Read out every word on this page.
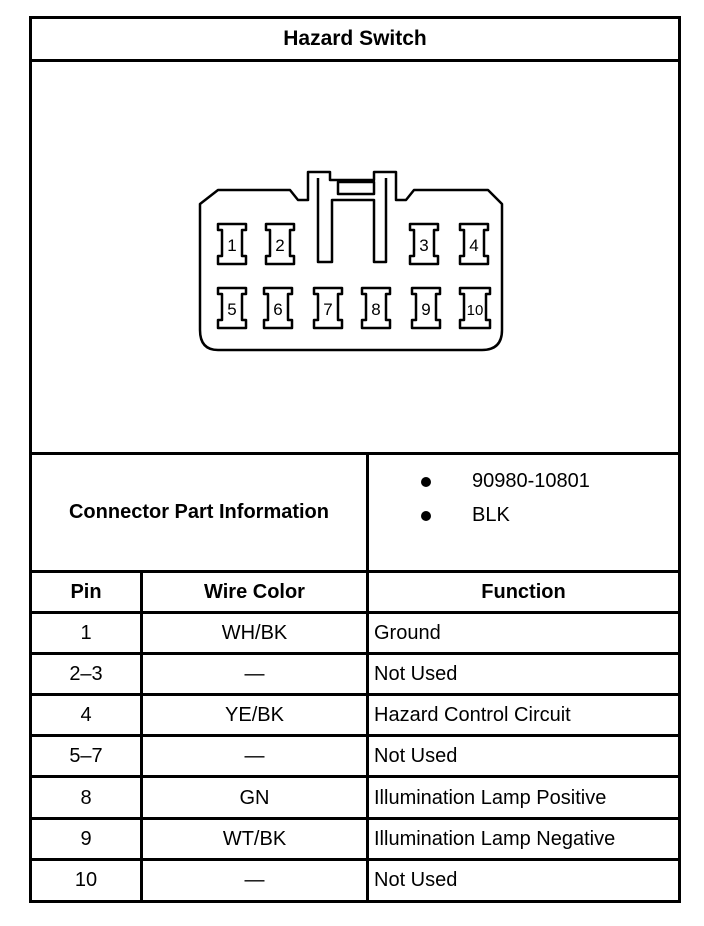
Hazard Switch
1 2	3 4
5 6 7 8 9 10
Connector Part Information
90980-10801
BLK
Pin	Wire Color	Function
1	WH/BK	Ground
2–3	—	Not Used
4	YE/BK	Hazard Control Circuit
5–7	—	Not Used
8	GN	Illumination Lamp Positive
9	WT/BK	Illumination Lamp Negative
10	—	Not Used
